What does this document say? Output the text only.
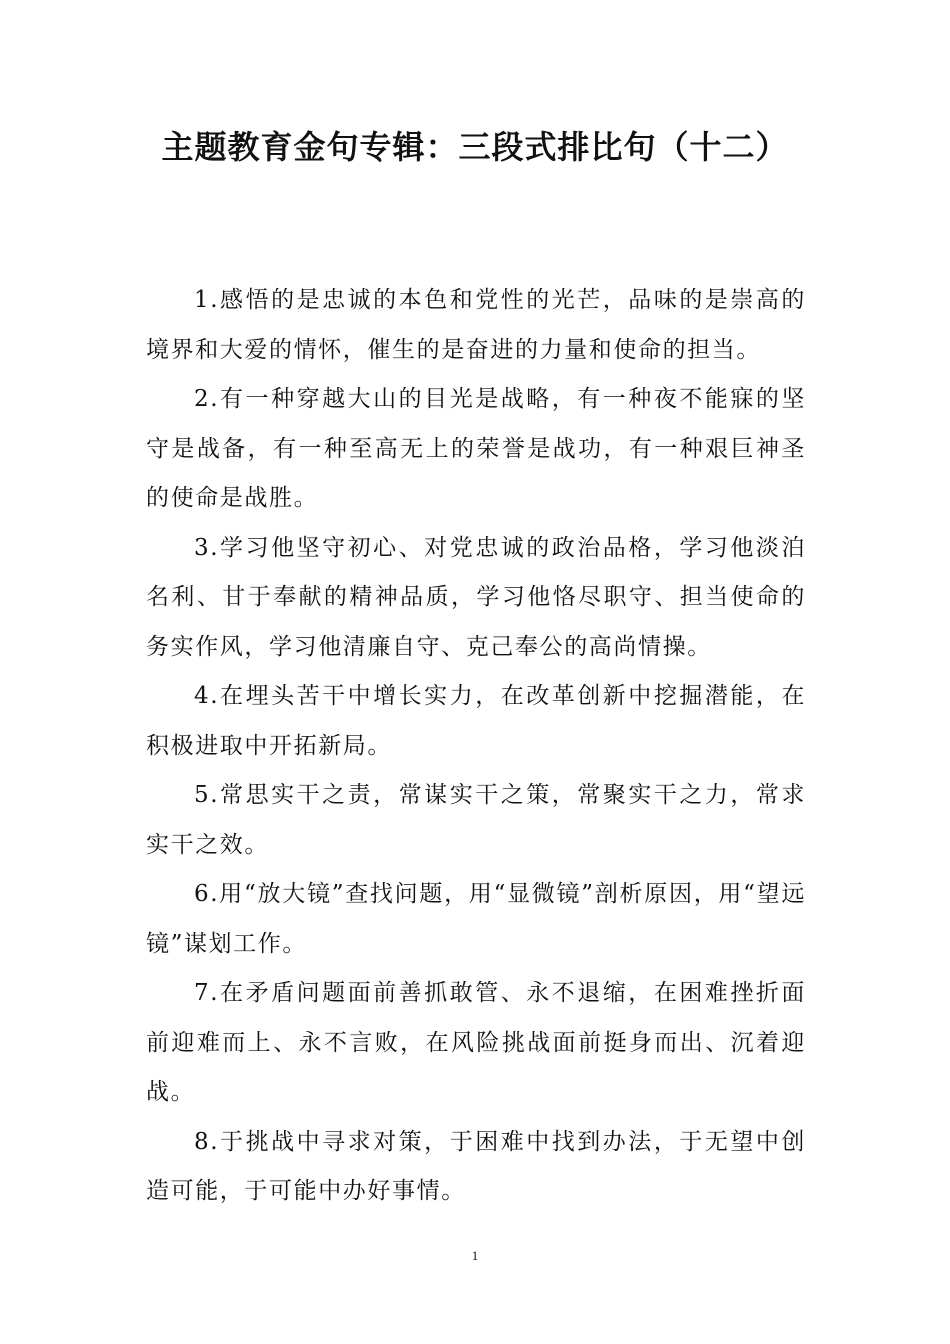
主题教育金句专辑：三段式排比句（十二）

1.感悟的是忠诚的本色和党性的光芒，品味的是崇高的境界和大爱的情怀，催生的是奋进的力量和使命的担当。

2.有一种穿越大山的目光是战略，有一种夜不能寐的坚守是战备，有一种至高无上的荣誉是战功，有一种艰巨神圣的使命是战胜。

3.学习他坚守初心、对党忠诚的政治品格，学习他淡泊名利、甘于奉献的精神品质，学习他恪尽职守、担当使命的务实作风，学习他清廉自守、克己奉公的高尚情操。

4.在埋头苦干中增长实力，在改革创新中挖掘潜能，在积极进取中开拓新局。

5.常思实干之责，常谋实干之策，常聚实干之力，常求实干之效。

6.用“放大镜”查找问题，用“显微镜”剖析原因，用“望远镜”谋划工作。

7.在矛盾问题面前善抓敢管、永不退缩，在困难挫折面前迎难而上、永不言败，在风险挑战面前挺身而出、沉着迎战。

8.于挑战中寻求对策，于困难中找到办法，于无望中创造可能，于可能中办好事情。

1
